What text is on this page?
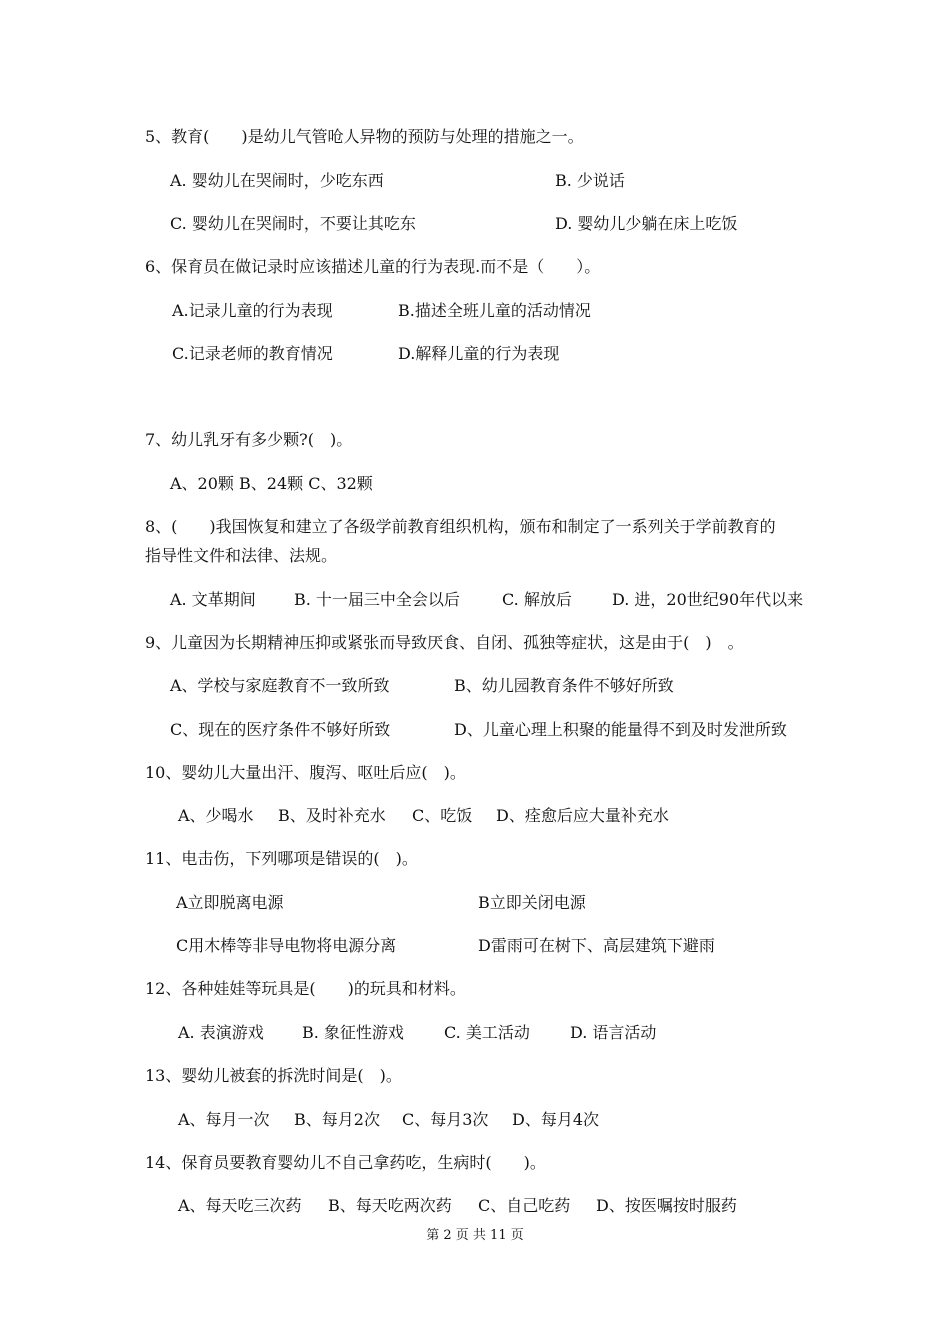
5、教育(　　)是幼儿气管呛人异物的预防与处理的措施之一。
A. 婴幼儿在哭闹时，少吃东西	B. 少说话
C. 婴幼儿在哭闹时，不要让其吃东	D. 婴幼儿少躺在床上吃饭
6、保育员在做记录时应该描述儿童的行为表现.而不是（　　）。
A.记录儿童的行为表现	B.描述全班儿童的活动情况
C.记录老师的教育情况	D.解释儿童的行为表现
7、幼儿乳牙有多少颗?(　)。
A、20颗 B、24颗 C、32颗
8、(　　)我国恢复和建立了各级学前教育组织机构，颁布和制定了一系列关于学前教育的
指导性文件和法律、法规。
A. 文革期间 B. 十一届三中全会以后	C. 解放后	D. 进，20世纪90年代以来
9、儿童因为长期精神压抑或紧张而导致厌食、自闭、孤独等症状，这是由于(　)　。
A、学校与家庭教育不一致所致	B、幼儿园教育条件不够好所致
C、现在的医疗条件不够好所致	D、儿童心理上积聚的能量得不到及时发泄所致
10、婴幼儿大量出汗、腹泻、呕吐后应(　)。
A、少喝水 B、及时补充水 C、吃饭 D、痊愈后应大量补充水
11、电击伤，下列哪项是错误的(　)。
A立即脱离电源	B立即关闭电源
C用木棒等非导电物将电源分离	D雷雨可在树下、高层建筑下避雨
12、各种娃娃等玩具是(　　)的玩具和材料。
A. 表演游戏 B. 象征性游戏	C. 美工活动	D. 语言活动
13、婴幼儿被套的拆洗时间是(　)。
A、每月一次 B、每月2次 C、每月3次 D、每月4次
14、保育员要教育婴幼儿不自己拿药吃，生病时(　　)。
A、每天吃三次药 B、每天吃两次药 C、自己吃药 D、按医嘱按时服药
第 2 页 共 11 页
